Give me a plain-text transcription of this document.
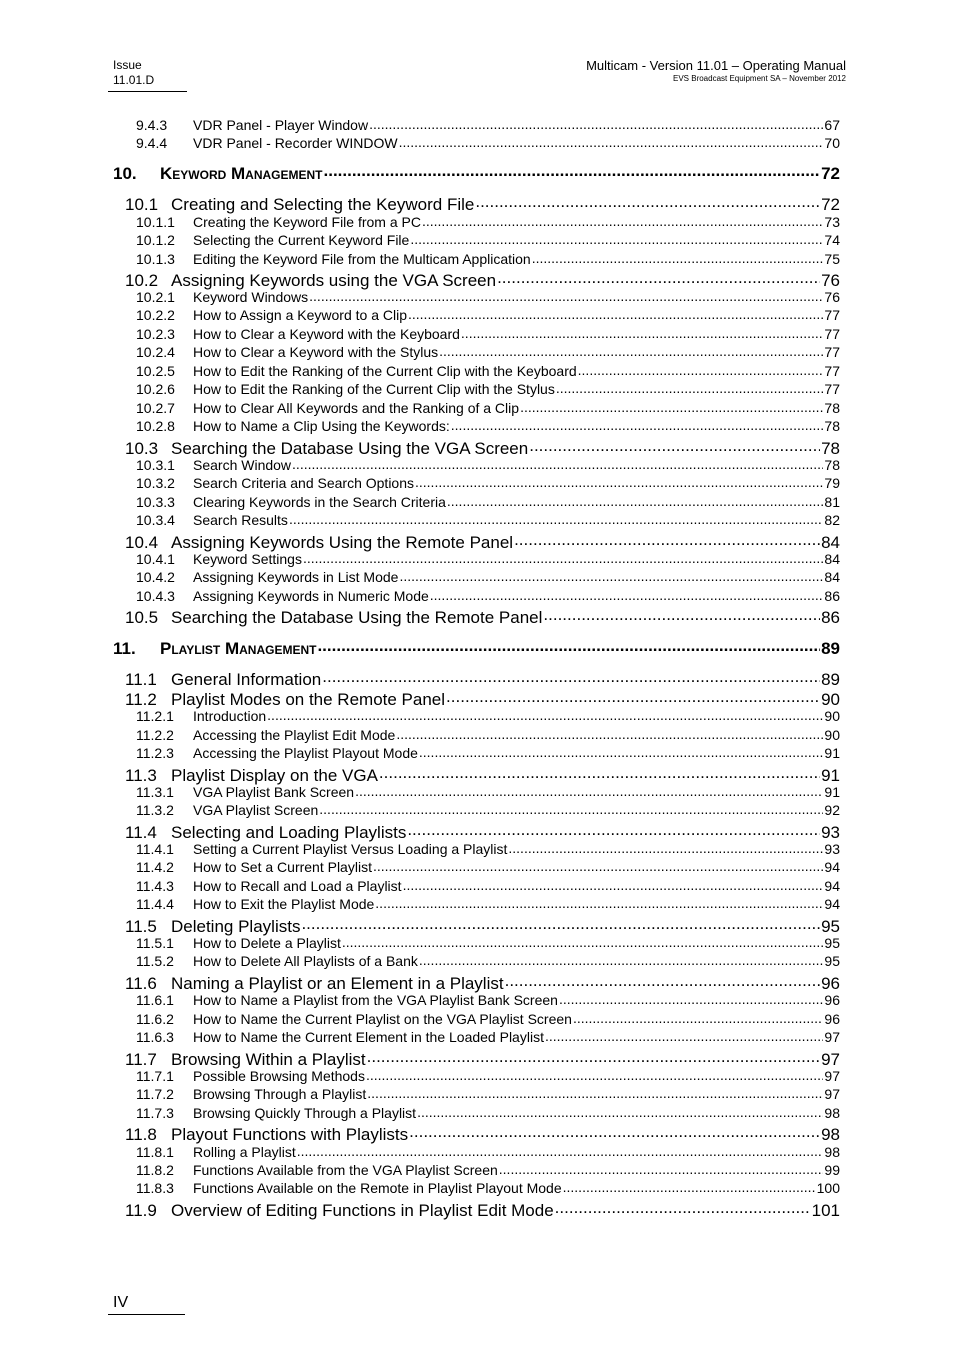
Issue
11.01.D
Multicam - Version 11.01 – Operating Manual
EVS Broadcast Equipment SA – November 2012
9.4.3	VDR Panel - Player Window .....	67
9.4.4	VDR Panel - Recorder WINDOW .....	70
10.	Keyword Management .....	72
10.1 Creating and Selecting the Keyword File .....	72
10.1.1	Creating the Keyword File from a PC .....	73
10.1.2	Selecting the Current Keyword File .....	74
10.1.3	Editing the Keyword File from the Multicam Application .....	75
10.2 Assigning Keywords using the VGA Screen .....	76
10.2.1	Keyword Windows .....	76
10.2.2	How to Assign a Keyword to a Clip .....	77
10.2.3	How to Clear a Keyword with the Keyboard .....	77
10.2.4	How to Clear a Keyword with the Stylus .....	77
10.2.5	How to Edit the Ranking of the Current Clip with the Keyboard .....	77
10.2.6	How to Edit the Ranking of the Current Clip with the Stylus .....	77
10.2.7	How to Clear All Keywords and the Ranking of a Clip .....	78
10.2.8	How to Name a Clip Using the Keywords: .....	78
10.3 Searching the Database Using the VGA Screen .....	78
10.3.1	Search Window .....	78
10.3.2	Search Criteria and Search Options .....	79
10.3.3	Clearing Keywords in the Search Criteria .....	81
10.3.4	Search Results .....	82
10.4 Assigning Keywords Using the Remote Panel .....	84
10.4.1	Keyword Settings .....	84
10.4.2	Assigning Keywords in List Mode .....	84
10.4.3	Assigning Keywords in Numeric Mode .....	86
10.5 Searching the Database Using the Remote Panel .....	86
11.	Playlist Management .....	89
11.1 General Information .....	89
11.2 Playlist Modes on the Remote Panel .....	90
11.2.1	Introduction .....	90
11.2.2	Accessing the Playlist Edit Mode .....	90
11.2.3	Accessing the Playlist Playout Mode .....	91
11.3 Playlist Display on the VGA .....	91
11.3.1	VGA Playlist Bank Screen .....	91
11.3.2	VGA Playlist Screen .....	92
11.4 Selecting and Loading Playlists .....	93
11.4.1	Setting a Current Playlist Versus Loading a Playlist .....	93
11.4.2	How to Set a Current Playlist .....	94
11.4.3	How to Recall and Load a Playlist .....	94
11.4.4	How to Exit the Playlist Mode .....	94
11.5 Deleting Playlists .....	95
11.5.1	How to Delete a Playlist .....	95
11.5.2	How to Delete All Playlists of a Bank .....	95
11.6 Naming a Playlist or an Element in a Playlist .....	96
11.6.1	How to Name a Playlist from the VGA Playlist Bank Screen .....	96
11.6.2	How to Name the Current Playlist on the VGA Playlist Screen .....	96
11.6.3	How to Name the Current Element in the Loaded Playlist .....	97
11.7 Browsing Within a Playlist .....	97
11.7.1	Possible Browsing Methods .....	97
11.7.2	Browsing Through a Playlist .....	97
11.7.3	Browsing Quickly Through a Playlist .....	98
11.8 Playout Functions with Playlists .....	98
11.8.1	Rolling a Playlist .....	98
11.8.2	Functions Available from the VGA Playlist Screen .....	99
11.8.3	Functions Available on the Remote in Playlist Playout Mode .....	100
11.9 Overview of Editing Functions in Playlist Edit Mode .....	101
IV
